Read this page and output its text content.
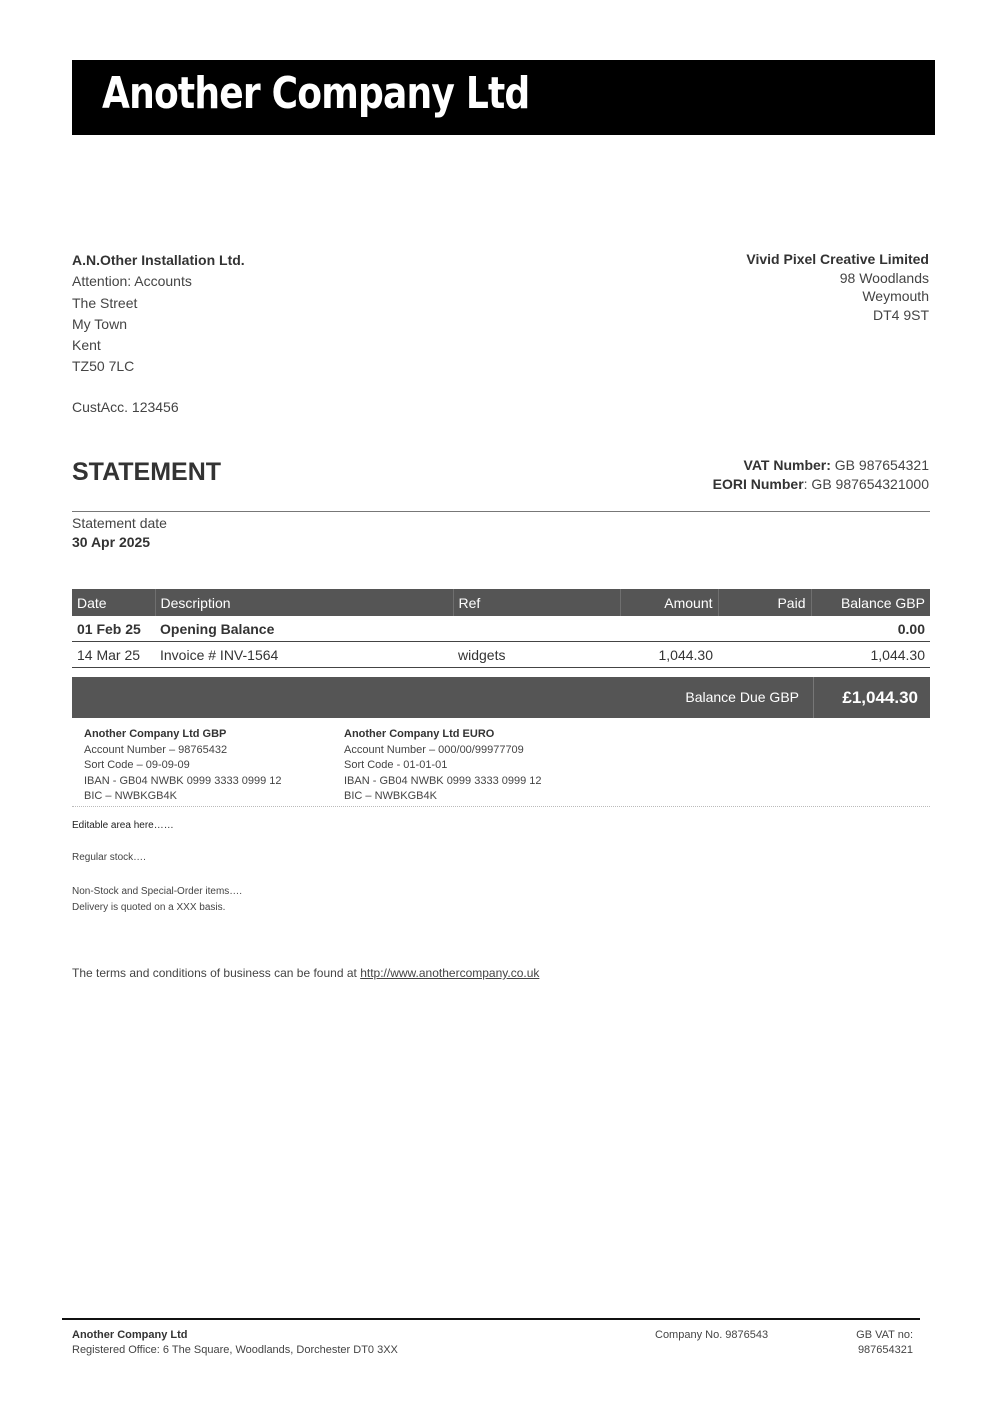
Another Company Ltd
A.N.Other Installation Ltd.
Attention: Accounts
The Street
My Town
Kent
TZ50 7LC
CustAcc. 123456
Vivid Pixel Creative Limited
98 Woodlands
Weymouth
DT4 9ST
STATEMENT	VAT Number: GB 987654321
EORI Number: GB 987654321000
Statement date
30 Apr 2025
Date	Description	Ref	Amount	Paid	Balance GBP
01 Feb 25	Opening Balance				0.00
14 Mar 25	Invoice # INV-1564	widgets	1,044.30		1,044.30
Balance Due GBP	£1,044.30
Another Company Ltd GBP
Account Number – 98765432
Sort Code – 09-09-09
IBAN - GB04 NWBK 0999 3333 0999 12
BIC – NWBKGB4K
Another Company Ltd EURO
Account Number – 000/00/99977709
Sort Code - 01-01-01
IBAN - GB04 NWBK 0999 3333 0999 12
BIC – NWBKGB4K
Editable area here……
Regular stock….
Non-Stock and Special-Order items….
Delivery is quoted on a XXX basis.
The terms and conditions of business can be found at http://www.anothercompany.co.uk
Another Company Ltd
Registered Office: 6 The Square, Woodlands, Dorchester DT0 3XX
Company No. 9876543	GB VAT no:
987654321
